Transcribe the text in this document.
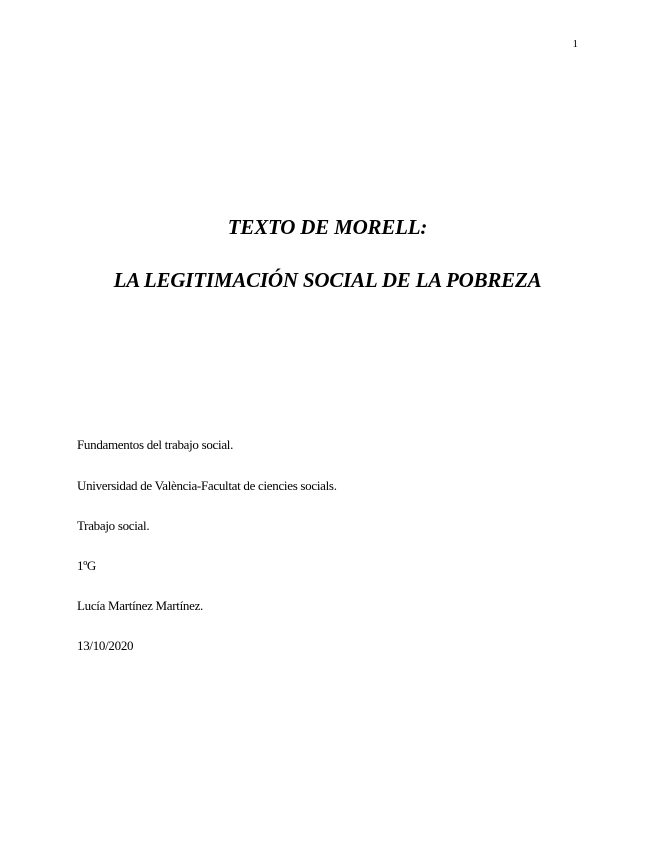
1
TEXTO DE MORELL:
LA LEGITIMACIÓN SOCIAL DE LA POBREZA
Fundamentos del trabajo social.
Universidad de València-Facultat de ciencies socials.
Trabajo social.
1ºG
Lucía Martínez Martínez.
13/10/2020
